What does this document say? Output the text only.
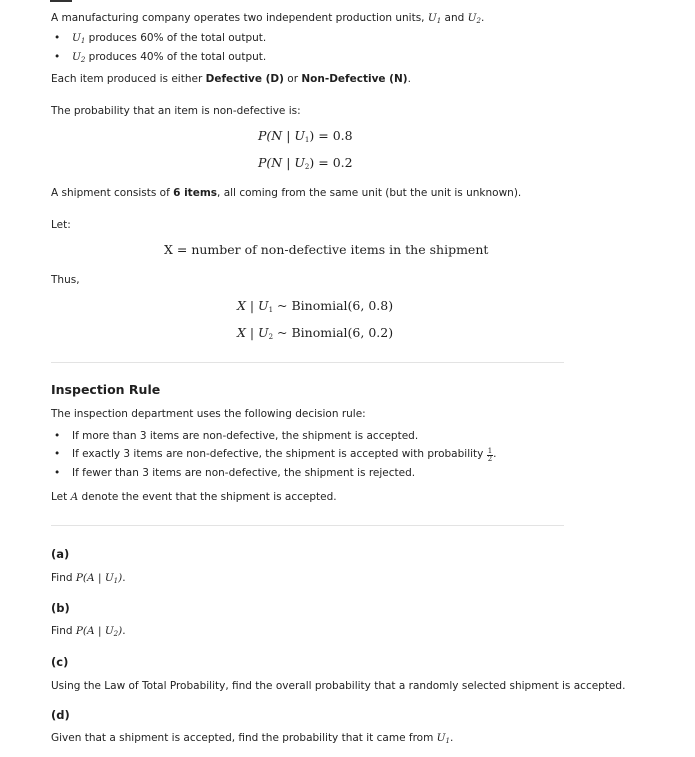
A manufacturing company operates two independent production units, $U_1$ and $U_2$.
• $U_1$ produces 60% of the total output.
• $U_2$ produces 40% of the total output.
Each item produced is either Defective (D) or Non-Defective (N).
The probability that an item is non-defective is:
P(N | $U_1) = 0.8$
P(N | $U_2) = 0.2$
A shipment consists of 6 items, all coming from the same unit (but the unit is unknown).
Let:
X = number of non-defective items in the shipment
Thus,
X | $U_1$ ~ Binomial(6, 0.8)
X | $U_2$ ~ Binomial(6, 0.2)
Inspection Rule
The inspection department uses the following decision rule:
• If more than 3 items are non-defective, the shipment is accepted.
• If exactly 3 items are non-defective, the shipment is accepted with probability $\frac{1}{2}$ .
• If fewer than 3 items are non-defective, the shipment is rejected.
Let A denote the event that the shipment is accepted.
(a)
Find P(A | $U_1$).
(b)
Find P(A | $U_2$).
(c)
Using the Law of Total Probability, find the overall probability that a randomly selected shipment is accepted.
(d)
Given that a shipment is accepted, find the probability that it came from $U_1$.
